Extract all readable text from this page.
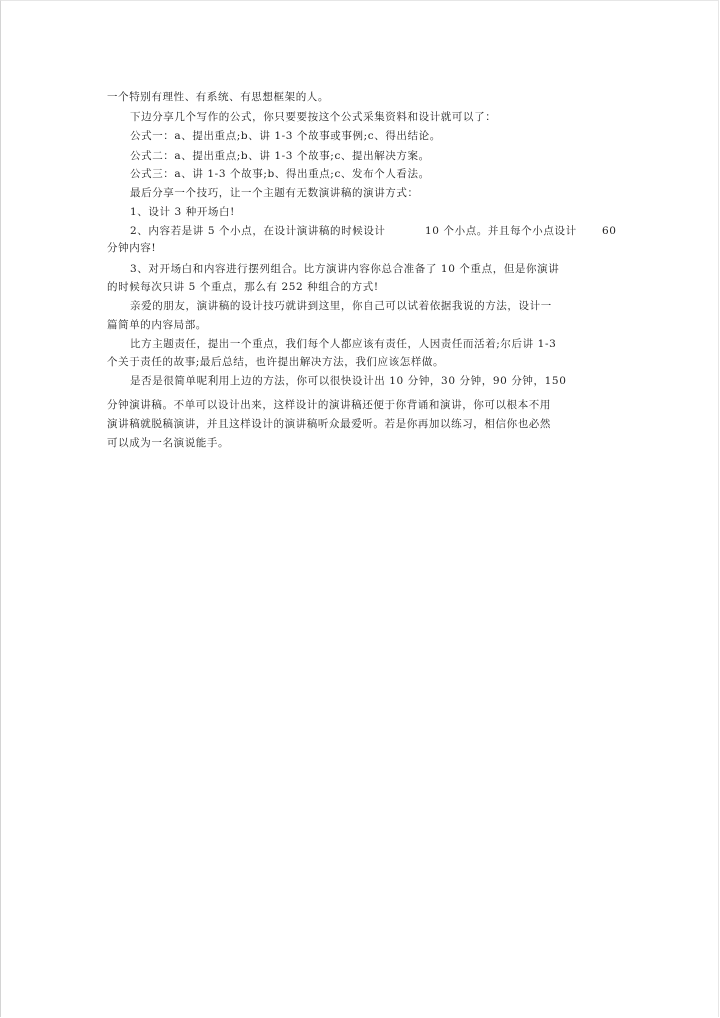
一个特别有理性、有系统、有思想框架的人。
下边分享几个写作的公式，你只要要按这个公式采集资料和设计就可以了：
公式一：a、提出重点;b、讲 1-3 个故事或事例;c、得出结论。
公式二：a、提出重点;b、讲 1-3 个故事;c、提出解决方案。
公式三：a、讲 1-3 个故事;b、得出重点;c、发布个人看法。
最后分享一个技巧，让一个主题有无数演讲稿的演讲方式：
1、设计 3 种开场白!
2、内容若是讲 5 个小点，在设计演讲稿的时候设计	10 个小点。并且每个小点设计 60
分钟内容!
3、对开场白和内容进行摆列组合。比方演讲内容你总合准备了 10 个重点，但是你演讲
的时候每次只讲 5 个重点，那么有 252 种组合的方式!
亲爱的朋友，演讲稿的设计技巧就讲到这里，你自己可以试着依据我说的方法，设计一
篇简单的内容局部。
比方主题责任，提出一个重点，我们每个人都应该有责任，人因责任而活着;尔后讲 1-3
个关于责任的故事;最后总结，也许提出解决方法，我们应该怎样做。
是否是很简单呢利用上边的方法，你可以很快设计出 10 分钟，30 分钟，90 分钟，150
分钟演讲稿。不单可以设计出来，这样设计的演讲稿还便于你背诵和演讲，你可以根本不用
演讲稿就脱稿演讲，并且这样设计的演讲稿听众最爱听。若是你再加以练习，相信你也必然
可以成为一名演说能手。
